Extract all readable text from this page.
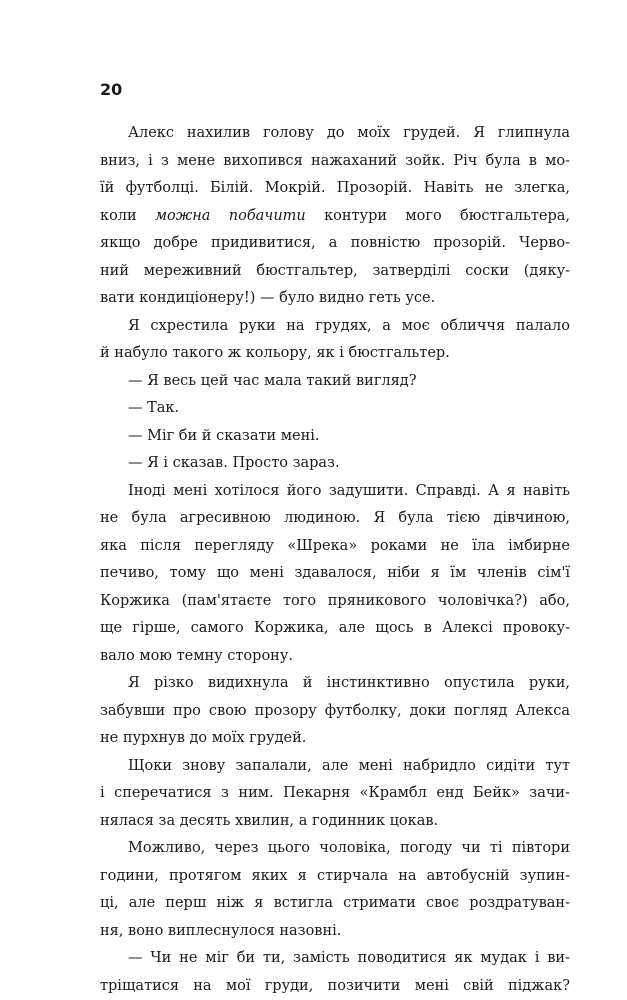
20
Алекс нахилив голову до моїх грудей. Я глипнула
вниз, і з мене вихопився нажаханий зойк. Річ була в мо-
їй футболці. Білій. Мокрій. Прозорій. Навіть не злегка,
коли можна побачити контури мого бюстгальтера,
якщо добре придивитися, а повністю прозорій. Черво-
ний мереживний бюстгальтер, затверділі соски (дяку-
вати кондиціонеру!) — було видно геть усе.
Я схрестила руки на грудях, а моє обличчя палало
й набуло такого ж кольору, як і бюстгальтер.
— Я весь цей час мала такий вигляд?
— Так.
— Міг би й сказати мені.
— Я і сказав. Просто зараз.
Іноді мені хотілося його задушити. Справді. А я навіть
не була агресивною людиною. Я була тією дівчиною,
яка після перегляду «Шрека» роками не їла імбирне
печиво, тому що мені здавалося, ніби я їм членів сім'ї
Коржика (пам'ятаєте того пряникового чоловічка?) або,
ще гірше, самого Коржика, але щось в Алексі провоку-
вало мою темну сторону.
Я різко видихнула й інстинктивно опустила руки,
забувши про свою прозору футболку, доки погляд Алекса
не пурхнув до моїх грудей.
Щоки знову запалали, але мені набридло сидіти тут
і сперечатися з ним. Пекарня «Крамбл енд Бейк» зачи-
нялася за десять хвилин, а годинник цокав.
Можливо, через цього чоловіка, погоду чи ті півтори
години, протягом яких я стирчала на автобусній зупин-
ці, але перш ніж я встигла стримати своє роздратуван-
ня, воно виплеснулося назовні.
— Чи не міг би ти, замість поводитися як мудак і ви-
тріщатися на мої груди, позичити мені свій піджак?
